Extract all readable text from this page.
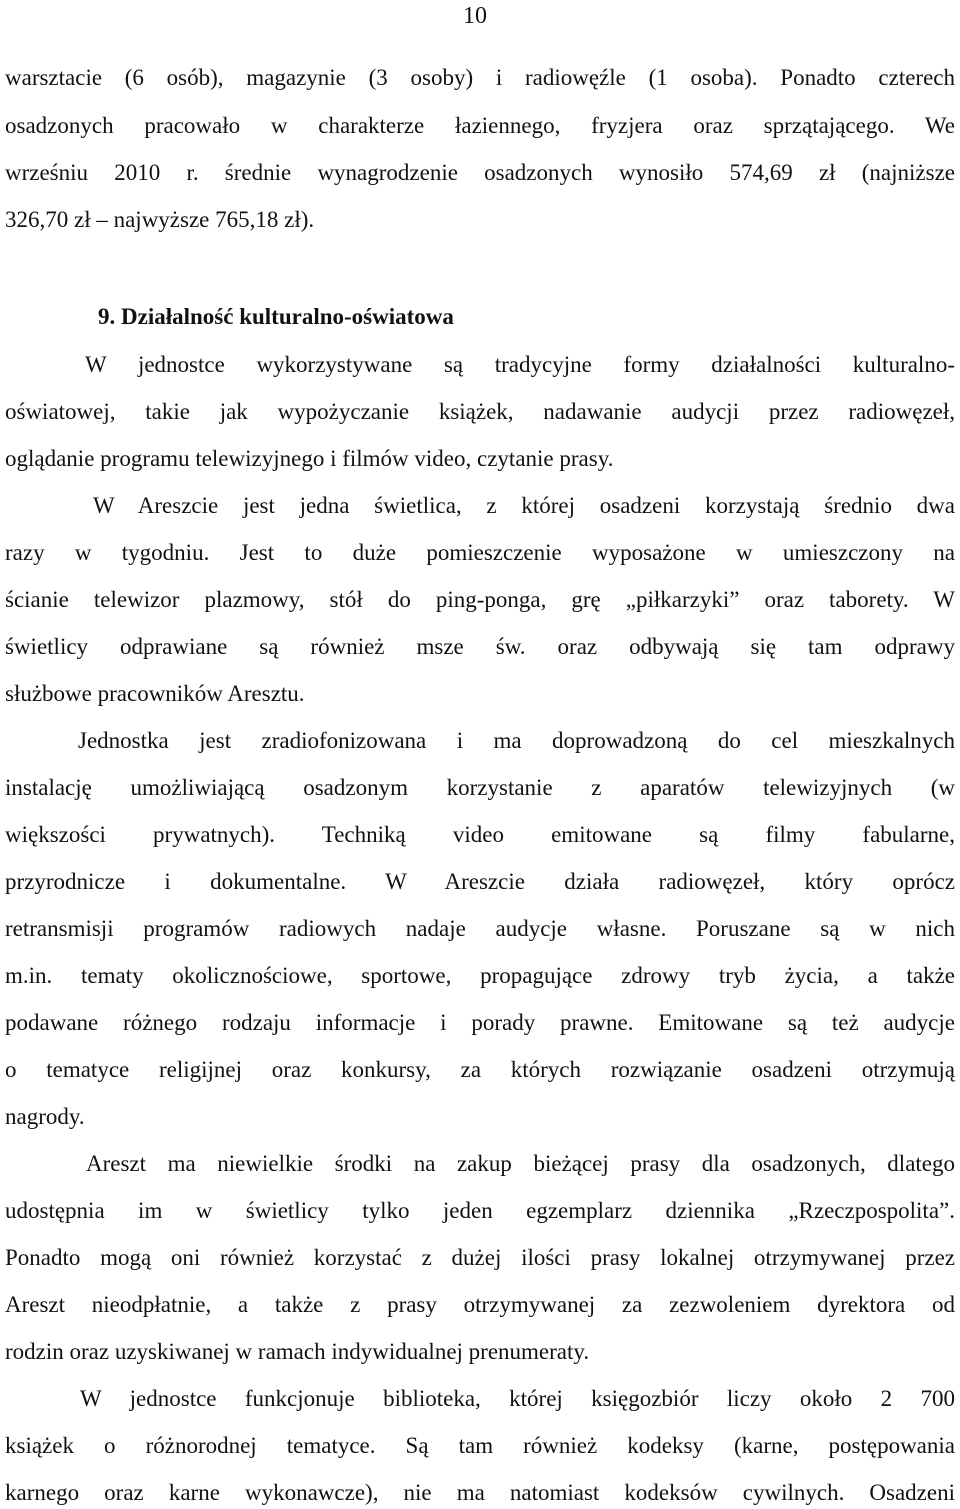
10
warsztacie (6 osób), magazynie (3 osoby) i radiowęźle (1 osoba). Ponadto czterech
osadzonych pracowało w charakterze łaziennego, fryzjera oraz sprzątającego. We
wrześniu 2010 r. średnie wynagrodzenie osadzonych wynosiło 574,69 zł (najniższe
326,70 zł – najwyższe 765,18 zł).
9. Działalność kulturalno-oświatowa
W jednostce wykorzystywane są tradycyjne formy działalności kulturalno-
oświatowej, takie jak wypożyczanie książek, nadawanie audycji przez radiowęzeł,
oglądanie programu telewizyjnego i filmów video, czytanie prasy.
W Areszcie jest jedna świetlica, z której osadzeni korzystają średnio dwa
razy w tygodniu. Jest to duże pomieszczenie wyposażone w umieszczony na
ścianie telewizor plazmowy, stół do ping-ponga, grę „piłkarzyki” oraz taborety. W
świetlicy odprawiane są również msze św. oraz odbywają się tam odprawy
służbowe pracowników Aresztu.
Jednostka jest zradiofonizowana i ma doprowadzoną do cel mieszkalnych
instalację umożliwiającą osadzonym korzystanie z aparatów telewizyjnych (w
większości prywatnych). Techniką video emitowane są filmy fabularne,
przyrodnicze i dokumentalne. W Areszcie działa radiowęzeł, który oprócz
retransmisji programów radiowych nadaje audycje własne. Poruszane są w nich
m.in. tematy okolicznościowe, sportowe, propagujące zdrowy tryb życia, a także
podawane różnego rodzaju informacje i porady prawne. Emitowane są też audycje
o tematyce religijnej oraz konkursy, za których rozwiązanie osadzeni otrzymują
nagrody.
Areszt ma niewielkie środki na zakup bieżącej prasy dla osadzonych, dlatego
udostępnia im w świetlicy tylko jeden egzemplarz dziennika „Rzeczpospolita”.
Ponadto mogą oni również korzystać z dużej ilości prasy lokalnej otrzymywanej przez
Areszt nieodpłatnie, a także z prasy otrzymywanej za zezwoleniem dyrektora od
rodzin oraz uzyskiwanej w ramach indywidualnej prenumeraty.
W jednostce funkcjonuje biblioteka, której księgozbiór liczy około 2 700
książek o różnorodnej tematyce. Są tam również kodeksy (karne, postępowania
karnego oraz karne wykonawcze), nie ma natomiast kodeksów cywilnych. Osadzeni
